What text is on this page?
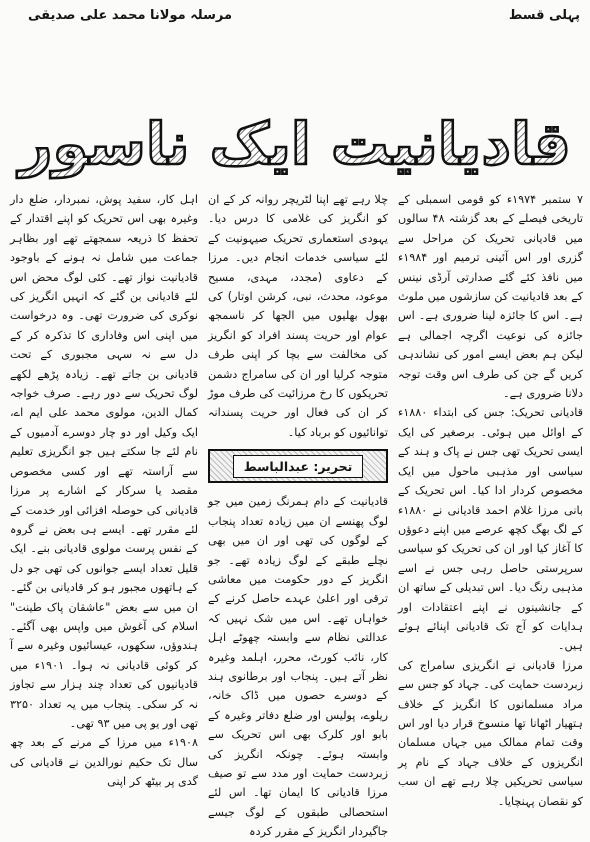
مرسلہ مولانا محمد علی صدیقی	پہلی قسط
قادیانیت ایک ناسور

۷ ستمبر ۱۹۷۴ء کو قومی اسمبلی کے تاریخی فیصلے کے بعد گزشتہ ۴۸ سالوں میں قادیانی تحریک کن مراحل سے گزری اور اس آئینی ترمیم اور ۱۹۸۴ء میں نافذ کئے گئے صدارتی آرڈی نینس کے بعد قادیانیت کن سازشوں میں ملوث ہے۔ اس کا جائزہ لینا ضروری ہے۔ اس جائزہ کی نوعیت اگرچہ اجمالی ہے لیکن ہم بعض ایسے امور کی نشاندہی کریں گے جن کی طرف اس وقت توجہ دلانا ضروری ہے۔

قادیانی تحریک: جس کی ابتداء ۱۸۸۰ء کے اوائل میں ہوئی۔ برصغیر کی ایک ایسی تحریک تھی جس نے پاک و ہند کے سیاسی اور مذہبی ماحول میں ایک مخصوص کردار ادا کیا۔ اس تحریک کے بانی مرزا غلام احمد قادیانی نے ۱۸۸۰ء کے لگ بھگ کچھ عرصے میں اپنے دعوؤں کا آغاز کیا اور ان کی تحریک کو سیاسی سرپرستی حاصل رہی جس نے اسے مذہبی رنگ دیا۔ اس تبدیلی کے ساتھ ان کے جانشینوں نے اپنے اعتقادات اور ہدایات کو آج تک قادیانی اپنائے ہوئے ہیں۔

مرزا قادیانی نے انگریزی سامراج کی زبردست حمایت کی۔ جہاد کو جس سے مراد مسلمانوں کا انگریز کے خلاف ہتھیار اٹھانا تھا منسوخ قرار دیا اور اس وقت تمام ممالک میں جہاں مسلمان انگریزوں کے خلاف جہاد کے نام پر سیاسی تحریکیں چلا رہے تھے ان سب کو نقصان پہنچایا۔

چلا رہے تھے اپنا لٹریچر روانہ کر کے ان کو انگریز کی غلامی کا درس دیا۔ یہودی استعماری تحریک صیہونیت کے لئے سیاسی خدمات انجام دیں۔ مرزا کے دعاوی (مجدد، مہدی، مسیح موعود، محدث، نبی، کرشن اوتار) کی بھول بھلیوں میں الجھا کر ناسمجھ عوام اور حریت پسند افراد کو انگریز کی مخالفت سے بچا کر اپنی طرف متوجہ کرلیا اور ان کی سامراج دشمن تحریکوں کا رخ مرزائیت کی طرف موڑ کر ان کی فعال اور حریت پسندانہ توانائیوں کو برباد کیا۔

تحریر: عبدالباسط

قادیانیت کے دام ہمرنگ زمین میں جو لوگ پھنسے ان میں زیادہ تعداد پنجاب کے لوگوں کی تھی اور ان میں بھی نچلے طبقے کے لوگ زیادہ تھے۔ جو انگریز کے دور حکومت میں معاشی ترقی اور اعلیٰ عہدے حاصل کرنے کے خواہاں تھے۔ اس میں شک نہیں کہ عدالتی نظام سے وابستہ چھوٹے اہل کار، نائب کورٹ، محرر، اہلمد وغیرہ نظر آتے ہیں۔ پنجاب اور برطانوی ہند کے دوسرے حصوں میں ڈاک خانہ، ریلوے، پولیس اور ضلع دفاتر وغیرہ کے بابو اور کلرک بھی اس تحریک سے وابستہ ہوئے۔ چونکہ انگریز کی زبردست حمایت اور مدد سے تو صیف مرزا قادیانی کا ایمان تھا۔ اس لئے استحصالی طبقوں کے لوگ جیسے جاگیردار انگریز کے مقرر کردہ

اہل کار، سفید پوش، نمبردار، ضلع دار وغیرہ بھی اس تحریک کو اپنے اقتدار کے تحفظ کا ذریعہ سمجھتے تھے اور بظاہر جماعت میں شامل نہ ہونے کے باوجود قادیانیت نواز تھے۔ کئی لوگ محض اس لئے قادیانی بن گئے کہ انہیں انگریز کی نوکری کی ضرورت تھی۔ وہ درخواست میں اپنی اس وفاداری کا تذکرہ کر کے دل سے نہ سہی مجبوری کے تحت قادیانی بن جاتے تھے۔ زیادہ پڑھے لکھے لوگ تحریک سے دور رہے۔ صرف خواجہ کمال الدین، مولوی محمد علی ایم اے، ایک وکیل اور دو چار دوسرے آدمیوں کے نام لئے جا سکتے ہیں جو انگریزی تعلیم سے آراستہ تھے اور کسی مخصوص مقصد یا سرکار کے اشارے پر مرزا قادیانی کی حوصلہ افزائی اور خدمت کے لئے مقرر تھے۔ ایسے ہی بعض نے گروہ کے نفس پرست مولوی قادیانی بنے۔ ایک قلیل تعداد ایسے جوانوں کی تھی جو دل کے ہاتھوں مجبور ہو کر قادیانی بن گئے۔ ان میں سے بعض "عاشقان پاک طینت" اسلام کی آغوش میں واپس بھی آگئے۔ ہندوؤں، سکھوں، عیسائیوں وغیرہ سے آ کر کوئی قادیانی نہ ہوا۔ ۱۹۰۱ء میں قادیانیوں کی تعداد چند ہزار سے تجاوز نہ کر سکی۔ پنجاب میں یہ تعداد ۳۲۵۰ تھی اور یو پی میں ۹۳ تھی۔

۱۹۰۸ء میں مرزا کے مرنے کے بعد چھ سال تک حکیم نورالدین نے قادیانی کی گدی پر بیٹھ کر اپنی
